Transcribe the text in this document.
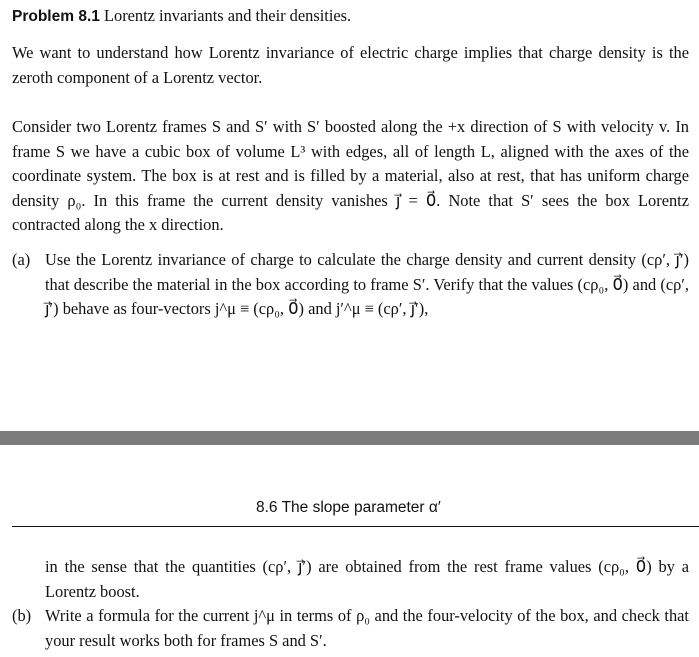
Problem 8.1 Lorentz invariants and their densities.

We want to understand how Lorentz invariance of electric charge implies that charge density is the zeroth component of a Lorentz vector.

Consider two Lorentz frames S and S′ with S′ boosted along the +x direction of S with velocity v. In frame S we have a cubic box of volume L³ with edges, all of length L, aligned with the axes of the coordinate system. The box is at rest and is filled by a material, also at rest, that has uniform charge density ρ₀. In this frame the current density vanishes j⃗ = 0⃗. Note that S′ sees the box Lorentz contracted along the x direction.

(a) Use the Lorentz invariance of charge to calculate the charge density and current density (cρ′, j⃗′) that describe the material in the box according to frame S′. Verify that the values (cρ₀, 0⃗) and (cρ′, j⃗′) behave as four-vectors j^μ ≡ (cρ₀, 0⃗) and j′^μ ≡ (cρ′, j⃗′),
8.6 The slope parameter α′

in the sense that the quantities (cρ′, j⃗′) are obtained from the rest frame values (cρ₀, 0⃗) by a Lorentz boost.

(b) Write a formula for the current j^μ in terms of ρ₀ and the four-velocity of the box, and check that your result works both for frames S and S′.
